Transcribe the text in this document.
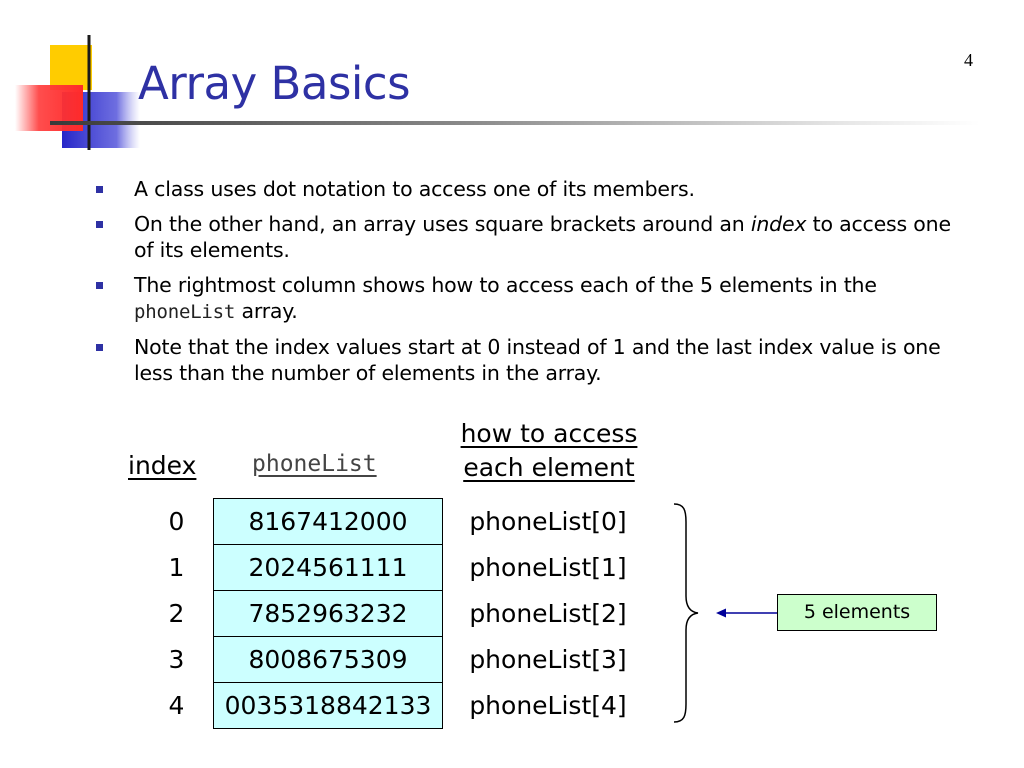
Array Basics	4
A class uses dot notation to access one of its members.
On the other hand, an array uses square brackets around an index to access one of its elements.
The rightmost column shows how to access each of the 5 elements in the phoneList array.
Note that the index values start at 0 instead of 1 and the last index value is one less than the number of elements in the array.
index phoneList
how to access
each element
0	8167412000	phoneList[0]
1	2024561111	phoneList[1]
2	7852963232	phoneList[2]
3	8008675309	phoneList[3]
4	0035318842133	phoneList[4]
5 elements
